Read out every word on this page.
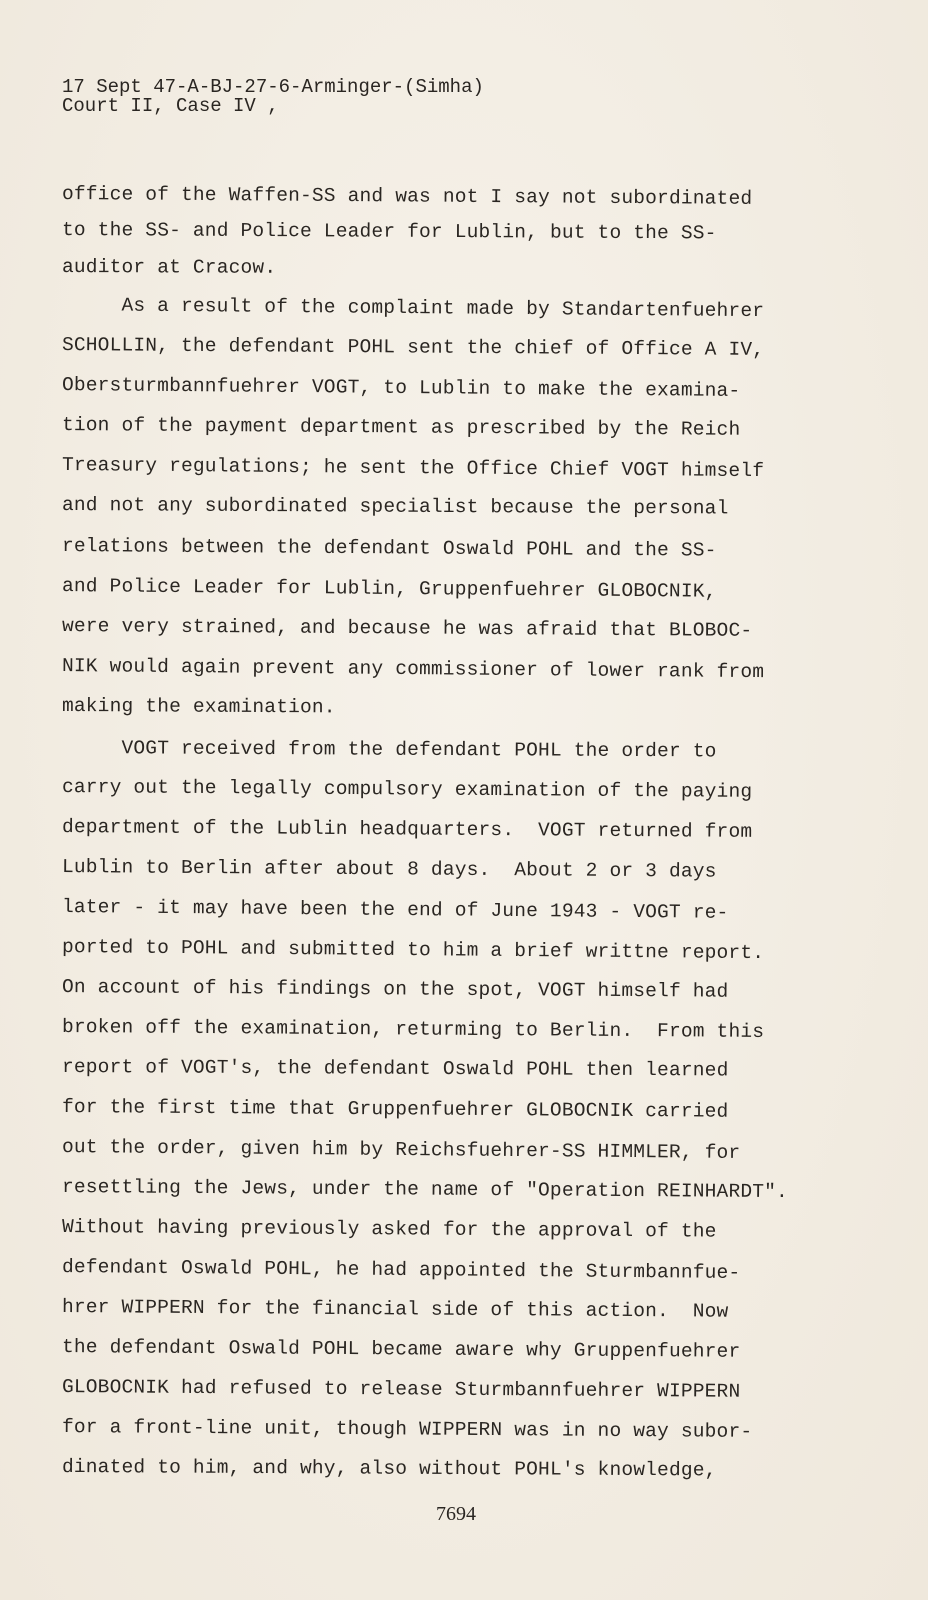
17 Sept 47-A-BJ-27-6-Arminger-(Simha)
Court II, Case IV ,
office of the Waffen-SS and was not I say not subordinated
to the SS- and Police Leader for Lublin, but to the SS-
auditor at Cracow.
As a result of the complaint made by Standartenfuehrer
SCHOLLIN, the defendant POHL sent the chief of Office A IV,
Obersturmbannfuehrer VOGT, to Lublin to make the examina-
tion of the payment department as prescribed by the Reich
Treasury regulations; he sent the Office Chief VOGT himself
and not any subordinated specialist because the personal
relations between the defendant Oswald POHL and the SS-
and Police Leader for Lublin, Gruppenfuehrer GLOBOCNIK,
were very strained, and because he was afraid that BLOBOC-
NIK would again prevent any commissioner of lower rank from
making the examination.
VOGT received from the defendant POHL the order to
carry out the legally compulsory examination of the paying
department of the Lublin headquarters.  VOGT returned from
Lublin to Berlin after about 8 days.  About 2 or 3 days
later - it may have been the end of June 1943 - VOGT re-
ported to POHL and submitted to him a brief writtne report.
On account of his findings on the spot, VOGT himself had
broken off the examination, returming to Berlin.  From this
report of VOGT's, the defendant Oswald POHL then learned
for the first time that Gruppenfuehrer GLOBOCNIK carried
out the order, given him by Reichsfuehrer-SS HIMMLER, for
resettling the Jews, under the name of "Operation REINHARDT".
Without having previously asked for the approval of the
defendant Oswald POHL, he had appointed the Sturmbannfue-
hrer WIPPERN for the financial side of this action.  Now
the defendant Oswald POHL became aware why Gruppenfuehrer
GLOBOCNIK had refused to release Sturmbannfuehrer WIPPERN
for a front-line unit, though WIPPERN was in no way subor-
dinated to him, and why, also without POHL's knowledge,
7694
